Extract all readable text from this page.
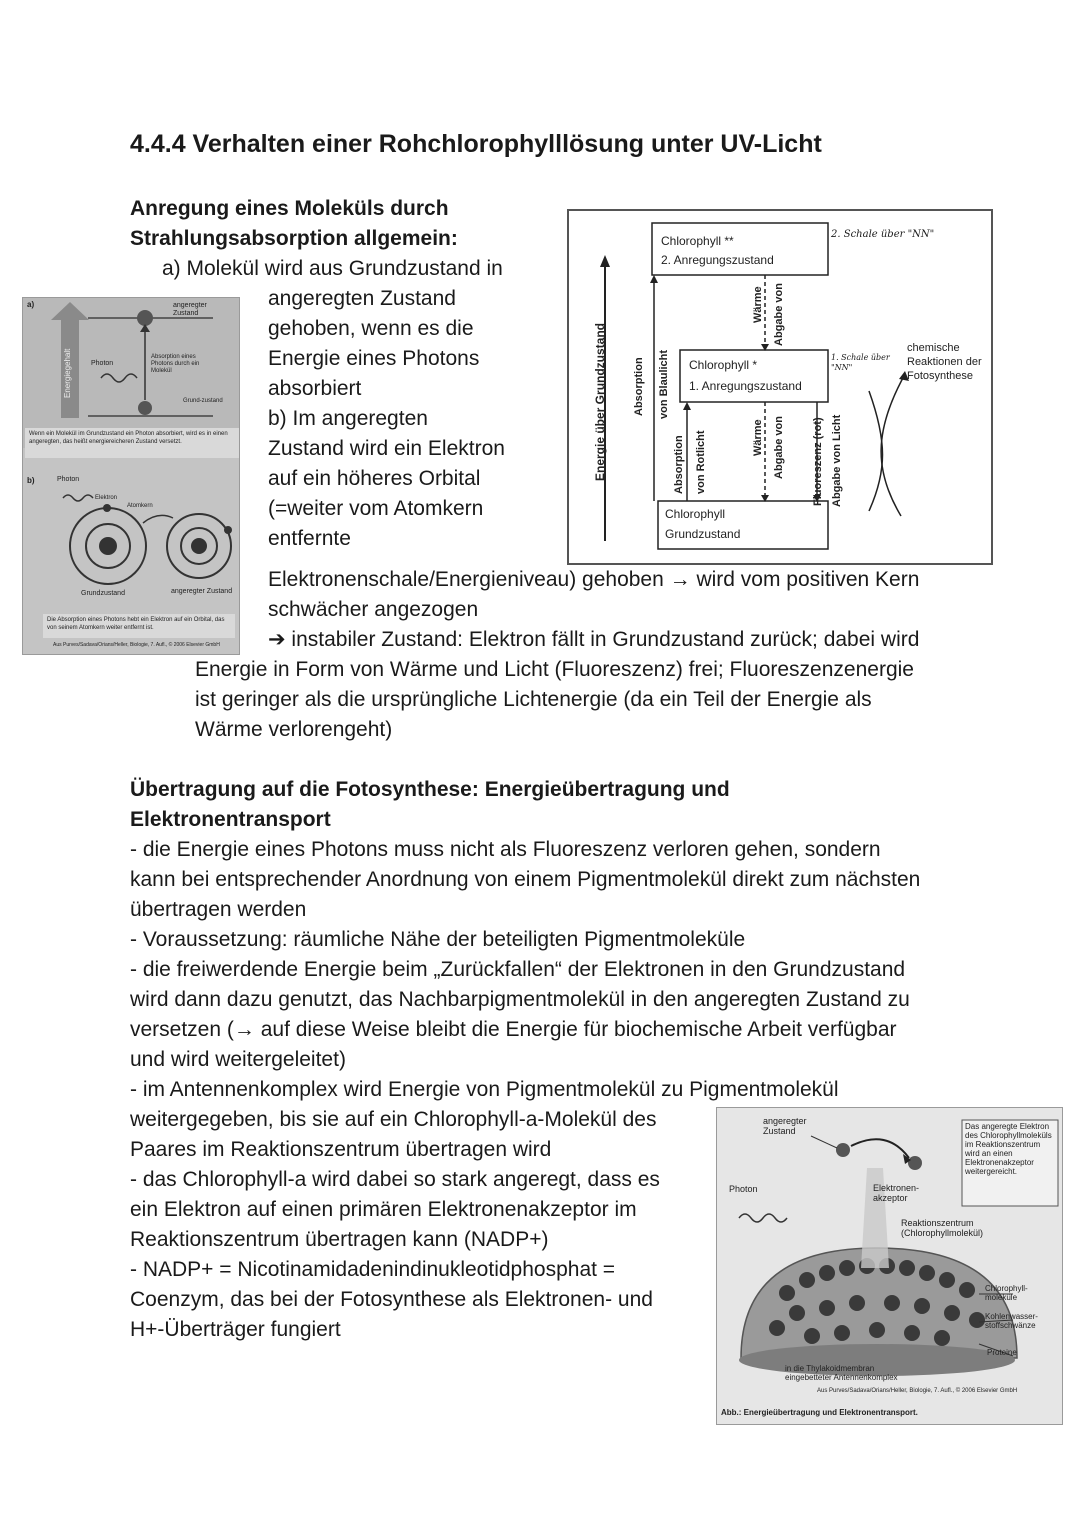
4.4.4 Verhalten einer Rohchlorophylllösung unter UV-Licht
Anregung eines Moleküls durch
Strahlungsabsorption allgemein:
a) Molekül wird aus Grundzustand in
angeregten Zustand
gehoben, wenn es die
Energie eines Photons
absorbiert
b) Im angeregten
Zustand wird ein Elektron
auf ein höheres Orbital
(=weiter vom Atomkern
entfernte
Elektronenschale/Energieniveau) gehoben → wird vom positiven Kern
schwächer angezogen
➔ instabiler Zustand: Elektron fällt in Grundzustand zurück; dabei wird
Energie in Form von Wärme und Licht (Fluoreszenz) frei; Fluoreszenzenergie
ist geringer als die ursprüngliche Lichtenergie (da ein Teil der Energie als
Wärme verlorengeht)
a)
Energiegehalt
angeregter Zustand
Photon
Absorption eines Photons durch ein Molekül
Grund-zustand
Wenn ein Molekül im Grundzustand ein Photon absorbiert, wird es in einen angeregten, das heißt energiereicheren Zustand versetzt.
b)	Photon
Elektron
Atomkern
Grundzustand	angeregter Zustand
Die Absorption eines Photons hebt ein Elektron auf ein Orbital, das von seinem Atomkern weiter entfernt ist.
Aus Purves/Sadava/Orians/Heller, Biologie, 7. Aufl., © 2006 Elsevier GmbH
Energie über Grundzustand
Chlorophyll **
2. Anregungszustand
Chlorophyll *
1. Anregungszustand
Chlorophyll
Grundzustand
Absorption von Blaulicht
Absorption von Rotlicht
Abgabe von
Wärme
Abgabe von
Wärme	Fluoreszenz (rot) Abgabe von Licht
2. Schale über "NN"
1. Schale über "NN"
chemische
Reaktionen der
Fotosynthese
Übertragung auf die Fotosynthese: Energieübertragung und
Elektronentransport
- die Energie eines Photons muss nicht als Fluoreszenz verloren gehen, sondern
kann bei entsprechender Anordnung von einem Pigmentmolekül direkt zum nächsten
übertragen werden
- Voraussetzung: räumliche Nähe der beteiligten Pigmentmoleküle
- die freiwerdende Energie beim „Zurückfallen“ der Elektronen in den Grundzustand
wird dann dazu genutzt, das Nachbarpigmentmolekül in den angeregten Zustand zu
versetzen (→ auf diese Weise bleibt die Energie für biochemische Arbeit verfügbar
und wird weitergeleitet)
- im Antennenkomplex wird Energie von Pigmentmolekül zu Pigmentmolekül
weitergegeben, bis sie auf ein Chlorophyll-a-Molekül des
Paares im Reaktionszentrum übertragen wird
- das Chlorophyll-a wird dabei so stark angeregt, dass es
ein Elektron auf einen primären Elektronenakzeptor im
Reaktionszentrum übertragen kann (NADP+)
- NADP+ = Nicotinamidadenindinukleotidphosphat =
Coenzym, das bei der Fotosynthese als Elektronen- und
H+-Überträger fungiert
angeregter Zustand
Photon	Elektronen-akzeptor
Das angeregte Elektron des Chlorophyllmoleküls im Reaktionszentrum wird an einen Elektronenakzeptor weitergereicht.
Reaktionszentrum (Chlorophyllmolekül)
Chlorophyll-moleküle
Kohlenwasser-stoffschwänze
Proteine
in die Thylakoidmembran eingebetteter Antennenkomplex
Aus Purves/Sadava/Orians/Heller, Biologie, 7. Aufl., © 2006 Elsevier GmbH
Abb.: Energieübertragung und Elektronentransport.
